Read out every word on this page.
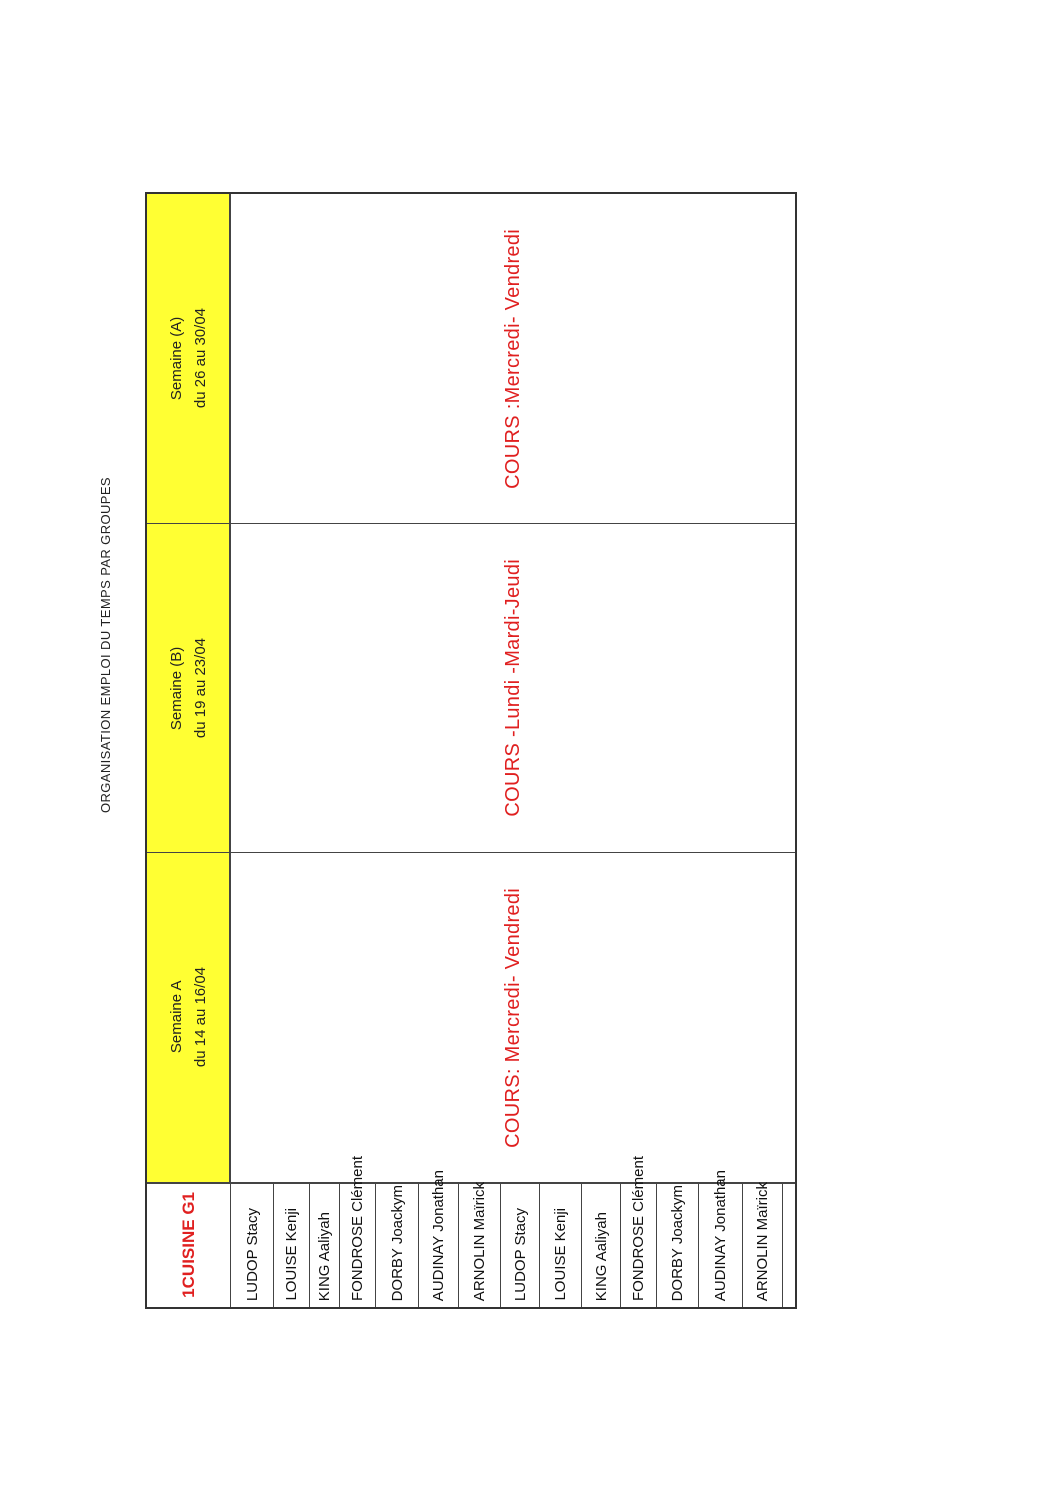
ORGANISATION EMPLOI DU TEMPS PAR GROUPES
Semaine (A) du 26 au 30/04
Semaine (B) du 19 au 23/04
Semaine A du 14 au 16/04
COURS :Mercredi- Vendredi
COURS -Lundi -Mardi-Jeudi
COURS: Mercredi- Vendredi
1CUISINE G1	LUDOP Stacy LOUISE Kenji KING Aaliyah FONDROSE Clément DORBY Joackym AUDINAY Jonathan ARNOLIN Maïrick LUDOP Stacy LOUISE Kenji KING Aaliyah FONDROSE Clément DORBY Joackym AUDINAY Jonathan ARNOLIN Maïrick
